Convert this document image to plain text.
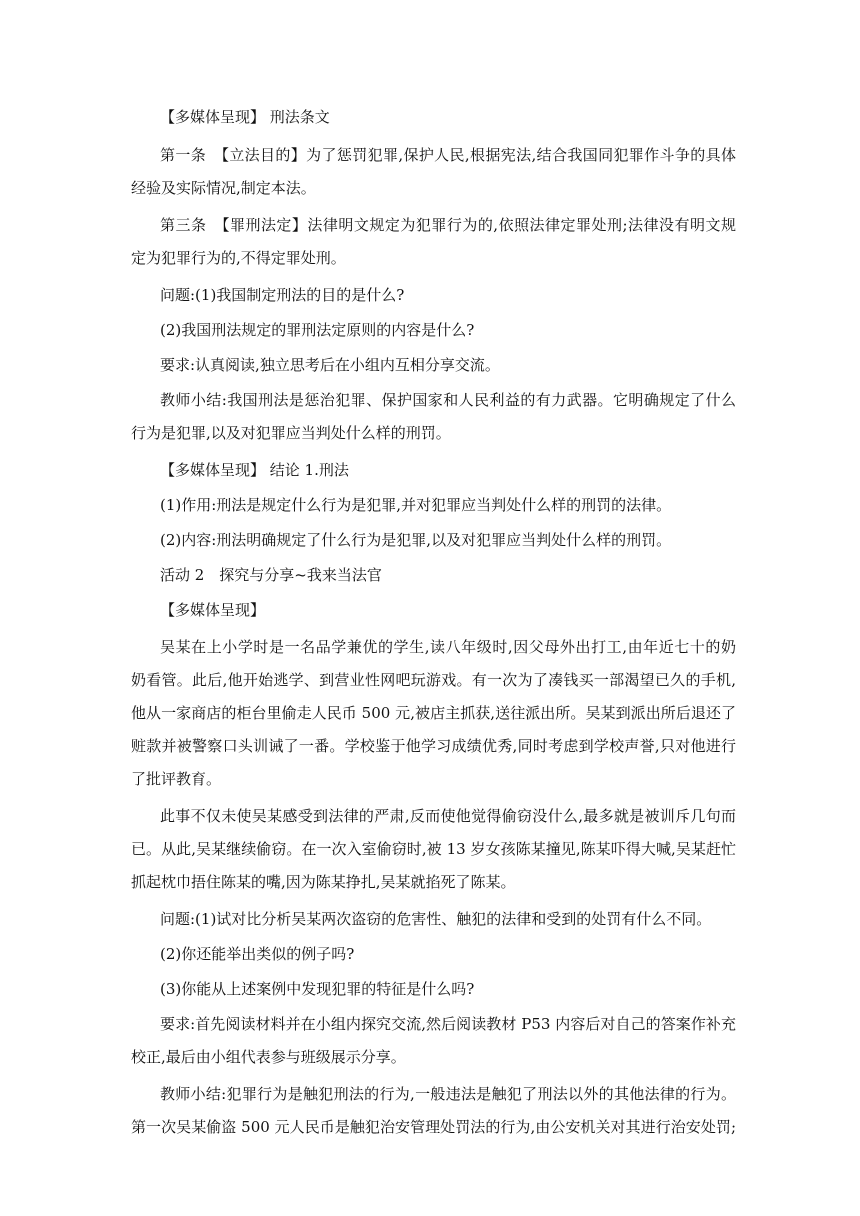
【多媒体呈现】 刑法条文
第一条　【立法目的】为了惩罚犯罪,保护人民,根据宪法,结合我国同犯罪作斗争的具体
经验及实际情况,制定本法。
第三条　【罪刑法定】法律明文规定为犯罪行为的,依照法律定罪处刑;法律没有明文规
定为犯罪行为的,不得定罪处刑。
问题:(1)我国制定刑法的目的是什么?
(2)我国刑法规定的罪刑法定原则的内容是什么?
要求:认真阅读,独立思考后在小组内互相分享交流。
教师小结:我国刑法是惩治犯罪、保护国家和人民利益的有力武器。它明确规定了什么
行为是犯罪,以及对犯罪应当判处什么样的刑罚。
【多媒体呈现】 结论 1.刑法
(1)作用:刑法是规定什么行为是犯罪,并对犯罪应当判处什么样的刑罚的法律。
(2)内容:刑法明确规定了什么行为是犯罪,以及对犯罪应当判处什么样的刑罚。
活动 2　探究与分享~我来当法官
【多媒体呈现】
吴某在上小学时是一名品学兼优的学生,读八年级时,因父母外出打工,由年近七十的奶
奶看管。此后,他开始逃学、到营业性网吧玩游戏。有一次为了凑钱买一部渴望已久的手机,
他从一家商店的柜台里偷走人民币 500 元,被店主抓获,送往派出所。吴某到派出所后退还了
赃款并被警察口头训诫了一番。学校鉴于他学习成绩优秀,同时考虑到学校声誉,只对他进行
了批评教育。
此事不仅未使吴某感受到法律的严肃,反而使他觉得偷窃没什么,最多就是被训斥几句而
已。从此,吴某继续偷窃。在一次入室偷窃时,被 13 岁女孩陈某撞见,陈某吓得大喊,吴某赶忙
抓起枕巾捂住陈某的嘴,因为陈某挣扎,吴某就掐死了陈某。
问题:(1)试对比分析吴某两次盗窃的危害性、触犯的法律和受到的处罚有什么不同。
(2)你还能举出类似的例子吗?
(3)你能从上述案例中发现犯罪的特征是什么吗?
要求:首先阅读材料并在小组内探究交流,然后阅读教材 P53 内容后对自己的答案作补充
校正,最后由小组代表参与班级展示分享。
教师小结:犯罪行为是触犯刑法的行为,一般违法是触犯了刑法以外的其他法律的行为。
第一次吴某偷盗 500 元人民币是触犯治安管理处罚法的行为,由公安机关对其进行治安处罚;
